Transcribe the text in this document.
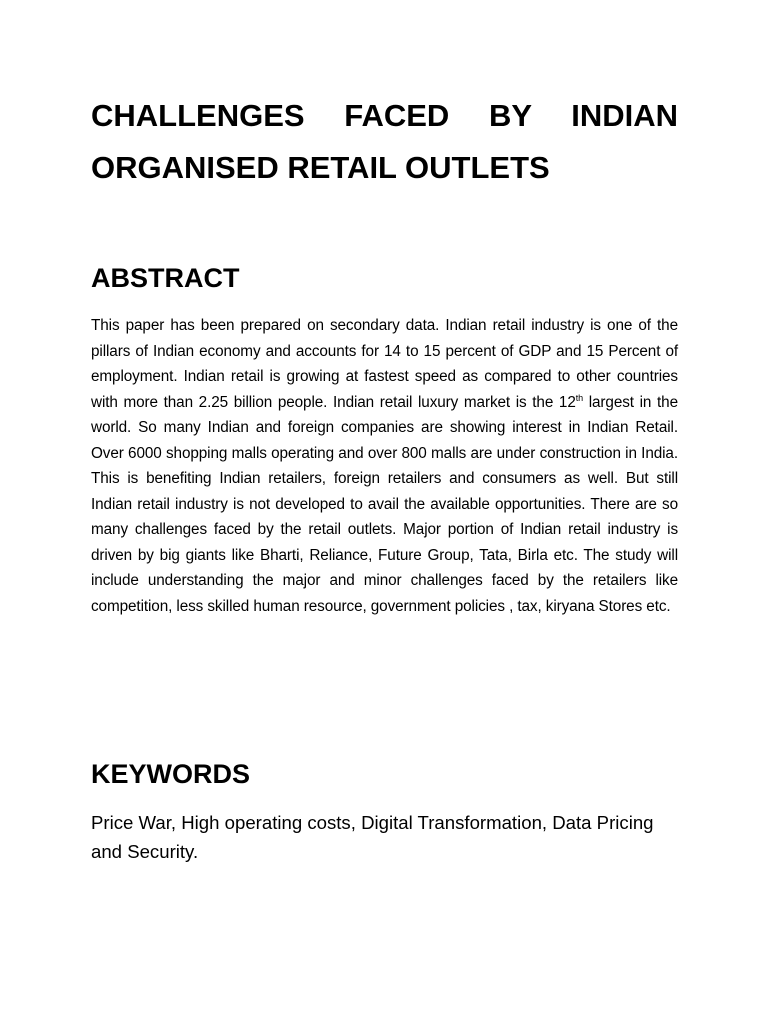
CHALLENGES FACED BY INDIAN ORGANISED RETAIL OUTLETS
ABSTRACT

This paper has been prepared on secondary data. Indian retail industry is one of the pillars of Indian economy and accounts for 14 to 15 percent of GDP and 15 Percent of employment. Indian retail is growing at fastest speed as compared to other countries with more than 2.25 billion people. Indian retail luxury market is the 12th largest in the world. So many Indian and foreign companies are showing interest in Indian Retail. Over 6000 shopping malls operating and over 800 malls are under construction in India. This is benefiting Indian retailers, foreign retailers and consumers as well. But still Indian retail industry is not developed to avail the available opportunities. There are so many challenges faced by the retail outlets. Major portion of Indian retail industry is driven by big giants like Bharti, Reliance, Future Group, Tata, Birla etc. The study will include understanding the major and minor challenges faced by the retailers like competition, less skilled human resource, government policies , tax, kiryana Stores etc.

KEYWORDS

Price War, High operating costs, Digital Transformation, Data Pricing and Security.
